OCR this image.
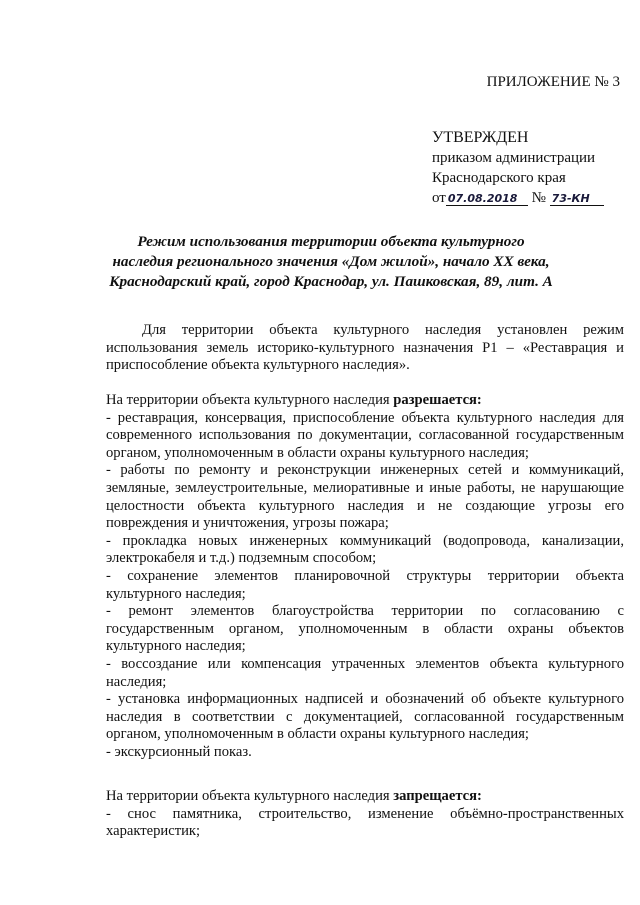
ПРИЛОЖЕНИЕ № 3
УТВЕРЖДЕН
приказом администрации
Краснодарского края
от 07.08.2018 № 73-КН
Режим использования территории объекта культурного наследия регионального значения «Дом жилой», начало XX века, Краснодарский край, город Краснодар, ул. Пашковская, 89, лит. А
Для территории объекта культурного наследия установлен режим использования земель историко-культурного назначения Р1 – «Реставрация и приспособление объекта культурного наследия».

На территории объекта культурного наследия разрешается:

- реставрация, консервация, приспособление объекта культурного наследия для современного использования по документации, согласованной государственным органом, уполномоченным в области охраны культурного наследия;

- работы по ремонту и реконструкции инженерных сетей и коммуникаций, земляные, землеустроительные, мелиоративные и иные работы, не нарушающие целостности объекта культурного наследия и не создающие угрозы его повреждения и уничтожения, угрозы пожара;

- прокладка новых инженерных коммуникаций (водопровода, канализации, электрокабеля и т.д.) подземным способом;

- сохранение элементов планировочной структуры территории объекта культурного наследия;

- ремонт элементов благоустройства территории по согласованию с государственным органом, уполномоченным в области охраны объектов культурного наследия;

- воссоздание или компенсация утраченных элементов объекта культурного наследия;

- установка информационных надписей и обозначений об объекте культурного наследия в соответствии с документацией, согласованной государственным органом, уполномоченным в области охраны культурного наследия;

- экскурсионный показ.

На территории объекта культурного наследия запрещается:

- снос памятника, строительство, изменение объёмно-пространственных характеристик;
